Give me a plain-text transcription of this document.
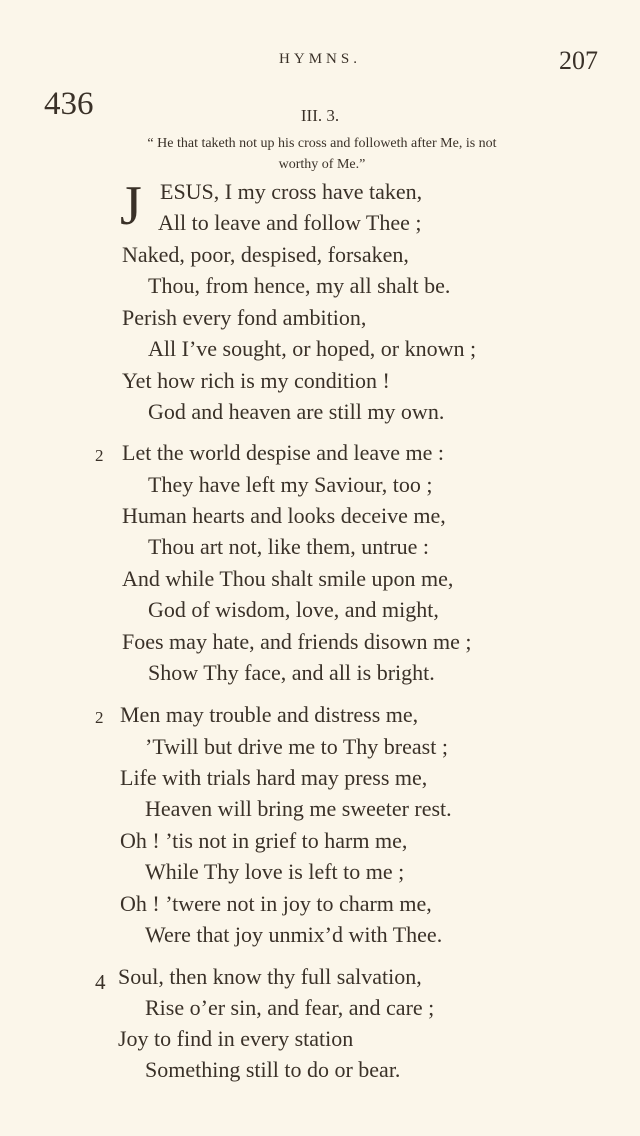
HYMNS.	207
436	III. 3.
“ He that taketh not up his cross and followeth after Me, is not
worthy of Me.”
J ESUS, I my cross have taken,
All to leave and follow Thee ;
Naked, poor, despised, forsaken,
Thou, from hence, my all shalt be.
Perish every fond ambition,
All I’ve sought, or hoped, or known ;
Yet how rich is my condition !
God and heaven are still my own.
2 Let the world despise and leave me :
They have left my Saviour, too ;
Human hearts and looks deceive me,
Thou art not, like them, untrue :
And while Thou shalt smile upon me,
God of wisdom, love, and might,
Foes may hate, and friends disown me ;
Show Thy face, and all is bright.
2 Men may trouble and distress me,
’Twill but drive me to Thy breast ;
Life with trials hard may press me,
Heaven will bring me sweeter rest.
Oh ! ’tis not in grief to harm me,
While Thy love is left to me ;
Oh ! ’twere not in joy to charm me,
Were that joy unmix’d with Thee.
4 Soul, then know thy full salvation,
Rise o’er sin, and fear, and care ;
Joy to find in every station
Something still to do or bear.
